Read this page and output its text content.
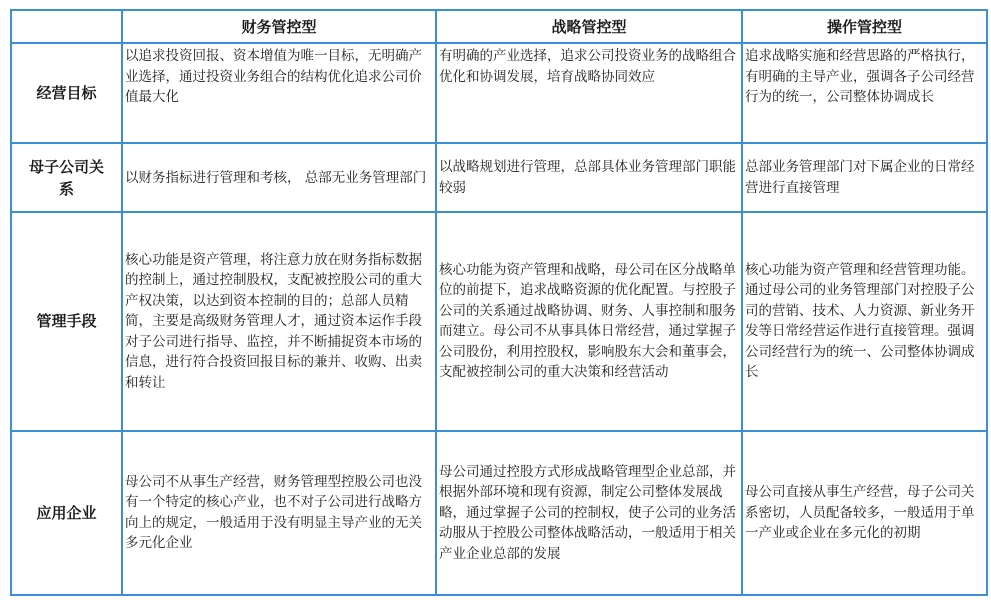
	财务管控型	战略管控型	操作管控型
经营目标	以追求投资回报、资本增值为唯一目标，无明确产业选择，通过投资业务组合的结构优化追求公司价值最大化	有明确的产业选择，追求公司投资业务的战略组合优化和协调发展，培育战略协同效应	追求战略实施和经营思路的严格执行，有明确的主导产业，强调各子公司经营行为的统一，公司整体协调成长
母子公司关系	以财务指标进行管理和考核， 总部无业务管理部门	以战略规划进行管理，总部具体业务管理部门职能较弱	总部业务管理部门对下属企业的日常经营进行直接管理
管理手段	核心功能是资产管理，将注意力放在财务指标数据的控制上，通过控制股权，支配被控股公司的重大产权决策，以达到资本控制的目的；总部人员精简，主要是高级财务管理人才，通过资本运作手段对子公司进行指导、监控，并不断捕捉资本市场的信息，进行符合投资回报目标的兼并、收购、出卖和转让	核心功能为资产管理和战略，母公司在区分战略单位的前提下，追求战略资源的优化配置。与控股子公司的关系通过战略协调、财务、人事控制和服务而建立。母公司不从事具体日常经营，通过掌握子公司股份，利用控股权，影响股东大会和董事会，支配被控制公司的重大决策和经营活动	核心功能为资产管理和经营管理功能。通过母公司的业务管理部门对控股子公司的营销、技术、人力资源、新业务开发等日常经营运作进行直接管理。强调公司经营行为的统一、公司整体协调成长
应用企业	母公司不从事生产经营，财务管理型控股公司也没有一个特定的核心产业，也不对子公司进行战略方向上的规定，一般适用于没有明显主导产业的无关多元化企业	母公司通过控股方式形成战略管理型企业总部，并根据外部环境和现有资源，制定公司整体发展战略，通过掌握子公司的控制权，使子公司的业务活动服从于控股公司整体战略活动，一般适用于相关产业企业总部的发展	母公司直接从事生产经营，母子公司关系密切，人员配备较多，一般适用于单一产业或企业在多元化的初期
